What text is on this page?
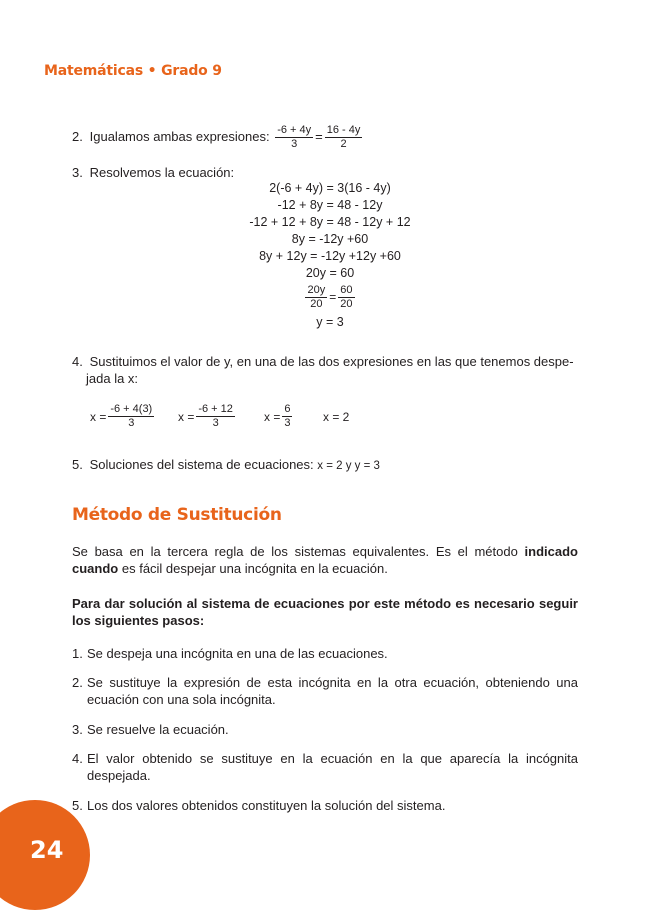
Matemáticas • Grado 9
2. Igualamos ambas expresiones: $\frac{-6 + 4y}{3} = \frac{16 - 4y}{2}$
3. Resolvemos la ecuación:
2(-6 + 4y) = 3(16 - 4y)
-12 + 8y = 48 - 12y
-12 + 12 + 8y = 48 - 12y + 12
8y = -12y +60
8y + 12y = -12y +12y +60
20y = 60
$\frac{20y}{20} = \frac{60}{20}$
y = 3
4. Sustituimos el valor de y, en una de las dos expresiones en las que tenemos despe-
jada la x:
$x = \frac{-6 + 4(3)}{3}$ $x = \frac{-6 + 12}{3}$ $x = \frac{6}{3}$	x = 2
5. Soluciones del sistema de ecuaciones: x = 2 y y = 3
Método de Sustitución
Se basa en la tercera regla de los sistemas equivalentes. Es el método indicado cuando es fácil despejar una incógnita en la ecuación.
Para dar solución al sistema de ecuaciones por este método es necesario seguir los siguientes pasos:
1. Se despeja una incógnita en una de las ecuaciones.
2. Se sustituye la expresión de esta incógnita en la otra ecuación, obteniendo una ecuación con una sola incógnita.
3. Se resuelve la ecuación.
4. El valor obtenido se sustituye en la ecuación en la que aparecía la incógnita despejada.
5. Los dos valores obtenidos constituyen la solución del sistema.
24
